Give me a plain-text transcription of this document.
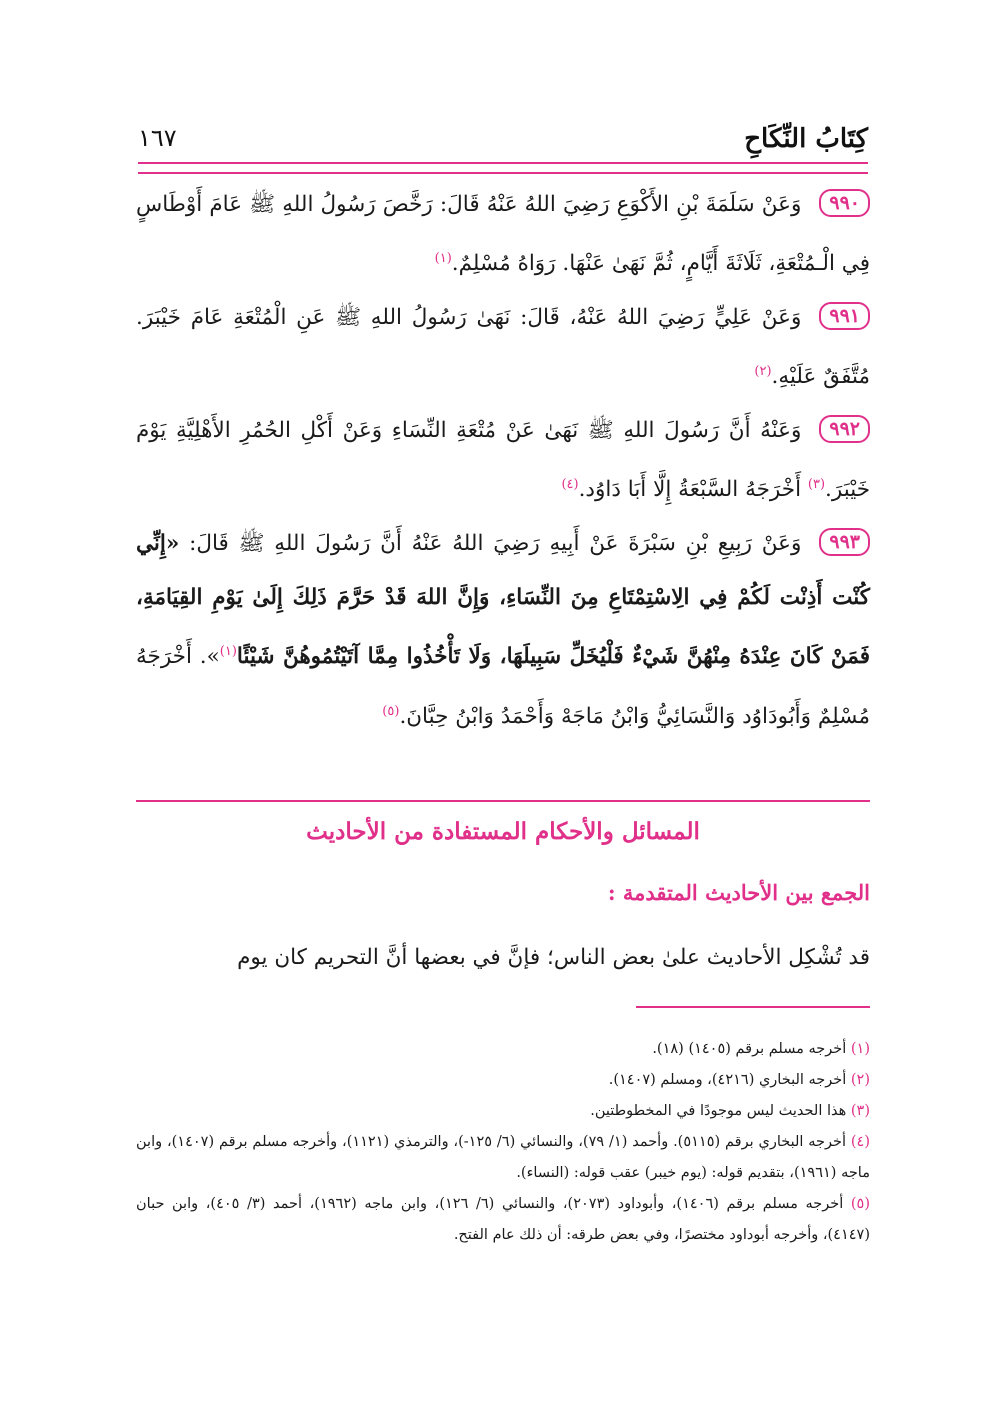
كِتَابُ النِّكَاحِ
١٦٧

٩٩٠وَعَنْ سَلَمَةَ بْنِ الأَكْوَعِ رَضِيَ اللهُ عَنْهُ قَالَ: رَخَّصَ رَسُولُ اللهِ ﷺ عَامَ أَوْطَاسٍ فِي الْـمُتْعَةِ، ثَلَاثَةَ أَيَّامٍ، ثُمَّ نَهَىٰ عَنْهَا. رَوَاهُ مُسْلِمٌ.$^{(١)}$

٩٩١وَعَنْ عَلِيٍّ رَضِيَ اللهُ عَنْهُ، قَالَ: نَهَىٰ رَسُولُ اللهِ ﷺ عَنِ الْمُتْعَةِ عَامَ خَيْبَرَ. مُتَّفَقٌ عَلَيْهِ.$^{(٢)}$

٩٩٢وَعَنْهُ أَنَّ رَسُولَ اللهِ ﷺ نَهَىٰ عَنْ مُتْعَةِ النِّسَاءِ وَعَنْ أَكْلِ الحُمُرِ الأَهْلِيَّةِ يَوْمَ خَيْبَرَ.$^{(٣)}$ أَخْرَجَهُ السَّبْعَةُ إِلَّا أَبَا دَاوُد.$^{(٤)}$

٩٩٣وَعَنْ رَبِيعِ بْنِ سَبْرَةَ عَنْ أَبِيهِ رَضِيَ اللهُ عَنْهُ أَنَّ رَسُولَ اللهِ ﷺ قَالَ: «إِنِّي كُنْت أَذِنْت لَكُمْ فِي الِاسْتِمْتَاعِ مِنَ النِّسَاءِ، وَإِنَّ اللهَ قَدْ حَرَّمَ ذَلِكَ إِلَىٰ يَوْمِ القِيَامَةِ، فَمَنْ كَانَ عِنْدَهُ مِنْهُنَّ شَيْءٌ فَلْيُخَلِّ سَبِيلَهَا، وَلَا تَأْخُذُوا مِمَّا آتَيْتُمُوهُنَّ شَيْئًا$^{(١)}$». أَخْرَجَهُ مُسْلِمٌ وَأَبُودَاوُد وَالنَّسَائِيُّ وَابْنُ مَاجَهْ وَأَحْمَدُ وَابْنُ حِبَّانَ.$^{(٥)}$

المسائل والأحكام المستفادة من الأحاديث
الجمع بين الأحاديث المتقدمة :
قد تُشْكِل الأحاديث علىٰ بعض الناس؛ فإنَّ في بعضها أنَّ التحريم كان يوم

(١) أخرجه مسلم برقم (١٤٠٥) (١٨).

(٢) أخرجه البخاري (٤٢١٦)، ومسلم (١٤٠٧).

(٣) هذا الحديث ليس موجودًا في المخطوطتين.

(٤) أخرجه البخاري برقم (٥١١٥). وأحمد (١/ ٧٩)، والنسائي (٦/ ١٢٥-)، والترمذي (١١٢١)، وأخرجه مسلم برقم (١٤٠٧)، وابن ماجه (١٩٦١)، بتقديم قوله: (يوم خيبر) عقب قوله: (النساء).

(٥) أخرجه مسلم برقم (١٤٠٦)، وأبوداود (٢٠٧٣)، والنسائي (٦/ ١٢٦)، وابن ماجه (١٩٦٢)، أحمد (٣/ ٤٠٥)، وابن حبان (٤١٤٧)، وأخرجه أبوداود مختصرًا، وفي بعض طرقه: أن ذلك عام الفتح.
